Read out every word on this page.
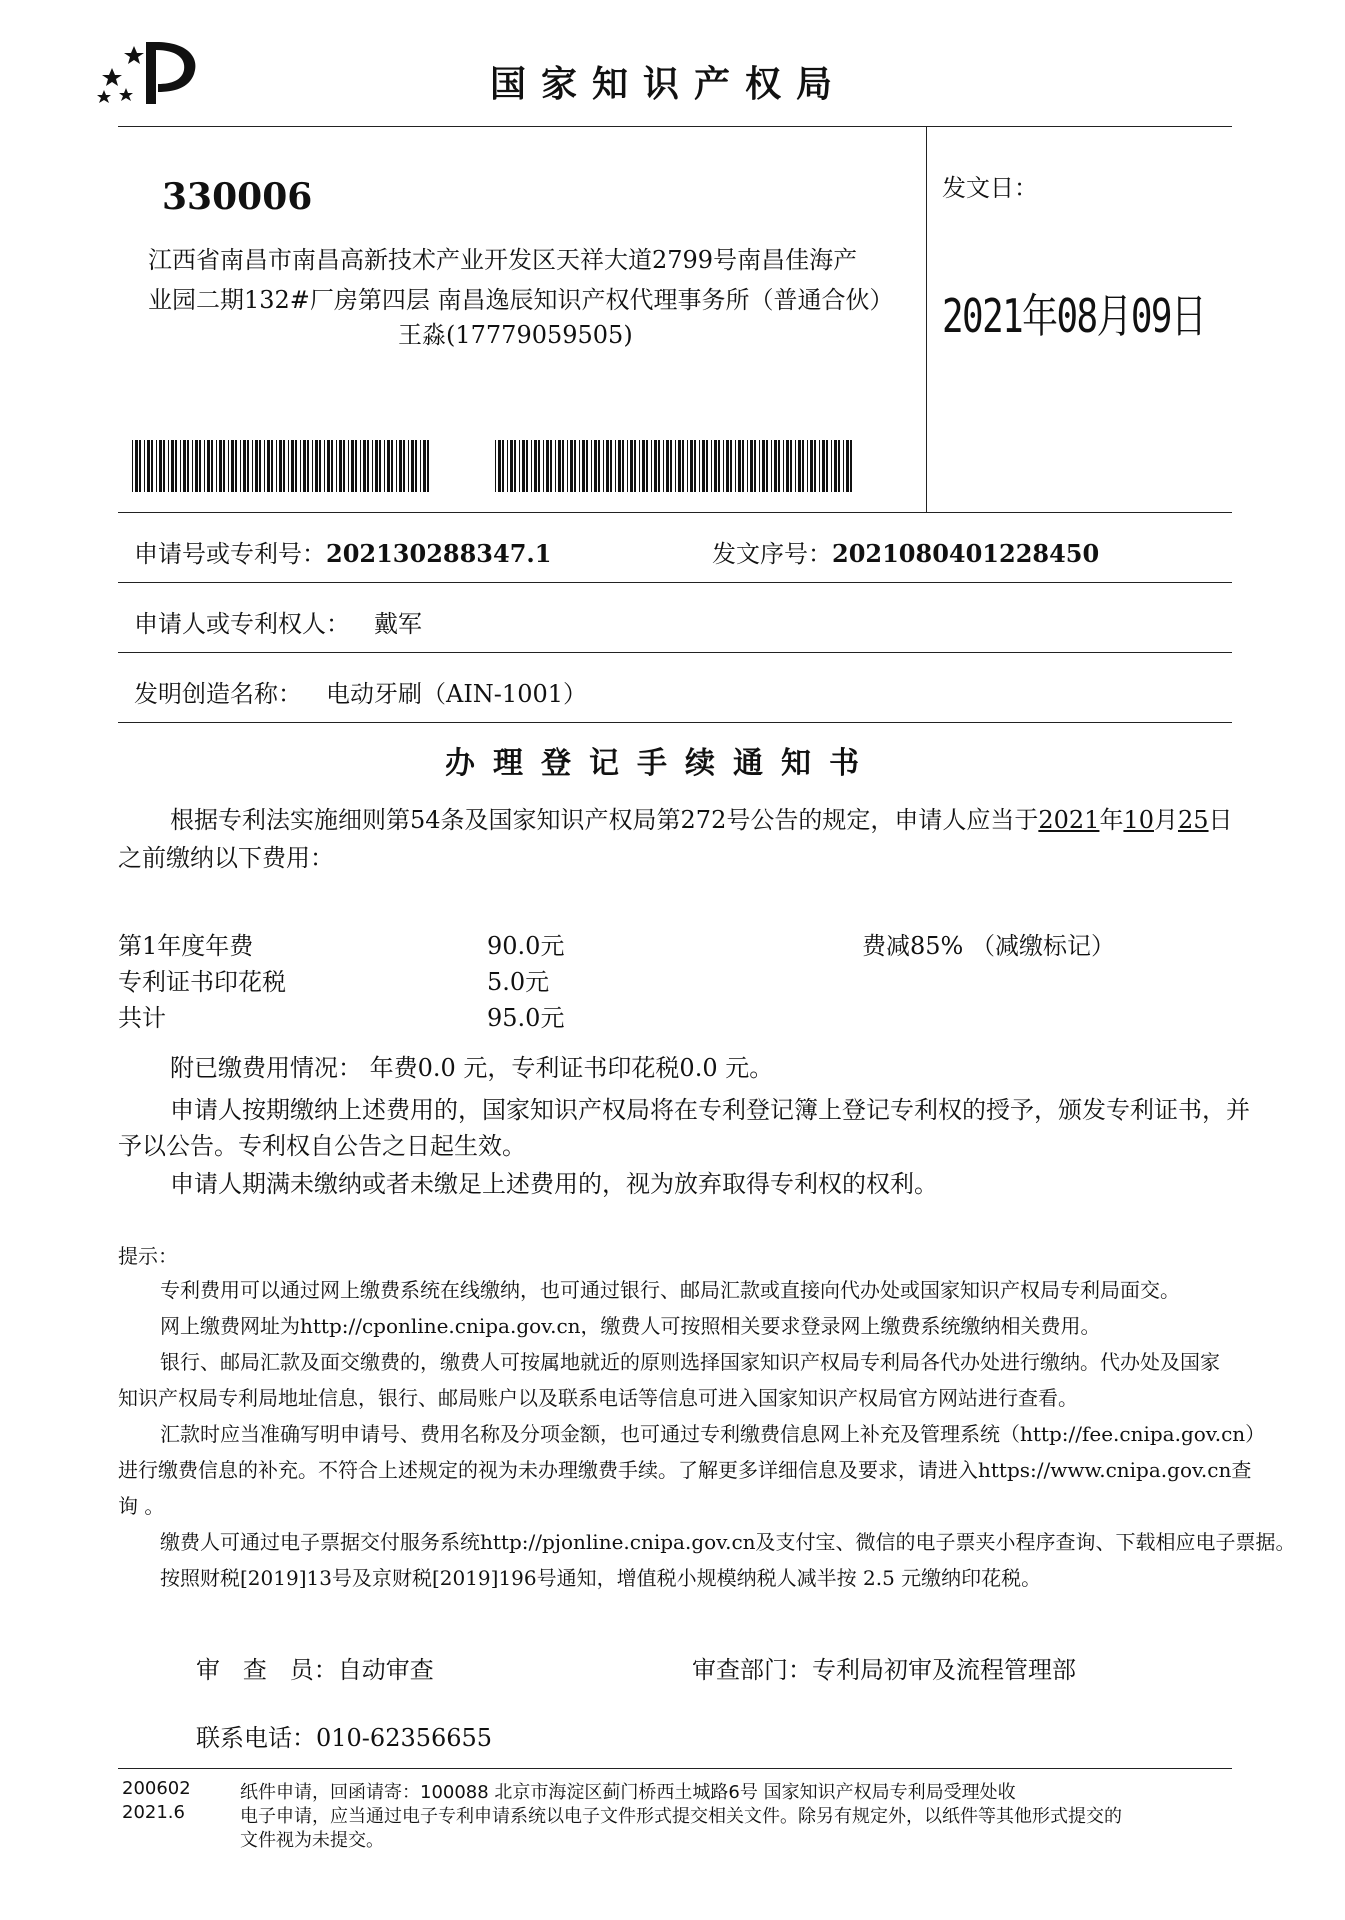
国家知识产权局
330006
江西省南昌市南昌高新技术产业开发区天祥大道2799号南昌佳海产
业园二期132#厂房第四层 南昌逸辰知识产权代理事务所（普通合伙）
王淼(17779059505)
发文日：
2021年08月09日
申请号或专利号：202130288347.1	发文序号：2021080401228450
申请人或专利权人： 戴军
发明创造名称： 电动牙刷（AIN-1001）
办理登记手续通知书
根据专利法实施细则第54条及国家知识产权局第272号公告的规定，申请人应当于2021年10月25日
之前缴纳以下费用：
第1年度年费	90.0元	费减85% （减缴标记）
专利证书印花税	5.0元
共计	95.0元
附已缴费用情况： 年费0.0 元，专利证书印花税0.0 元。
申请人按期缴纳上述费用的，国家知识产权局将在专利登记簿上登记专利权的授予，颁发专利证书，并
予以公告。专利权自公告之日起生效。
申请人期满未缴纳或者未缴足上述费用的，视为放弃取得专利权的权利。
提示：
专利费用可以通过网上缴费系统在线缴纳，也可通过银行、邮局汇款或直接向代办处或国家知识产权局专利局面交。
网上缴费网址为http://cponline.cnipa.gov.cn，缴费人可按照相关要求登录网上缴费系统缴纳相关费用。
银行、邮局汇款及面交缴费的，缴费人可按属地就近的原则选择国家知识产权局专利局各代办处进行缴纳。代办处及国家
知识产权局专利局地址信息，银行、邮局账户以及联系电话等信息可进入国家知识产权局官方网站进行查看。
汇款时应当准确写明申请号、费用名称及分项金额，也可通过专利缴费信息网上补充及管理系统（http://fee.cnipa.gov.cn）
进行缴费信息的补充。不符合上述规定的视为未办理缴费手续。了解更多详细信息及要求，请进入https://www.cnipa.gov.cn查
询 。
缴费人可通过电子票据交付服务系统http://pjonline.cnipa.gov.cn及支付宝、微信的电子票夹小程序查询、下载相应电子票据。
按照财税[2019]13号及京财税[2019]196号通知，增值税小规模纳税人减半按 2.5 元缴纳印花税。
审   查   员：自动审查	审查部门：专利局初审及流程管理部
联系电话：010-62356655
200602
2021.6
纸件申请，回函请寄：100088 北京市海淀区蓟门桥西土城路6号 国家知识产权局专利局受理处收
电子申请，应当通过电子专利申请系统以电子文件形式提交相关文件。除另有规定外，以纸件等其他形式提交的
文件视为未提交。
